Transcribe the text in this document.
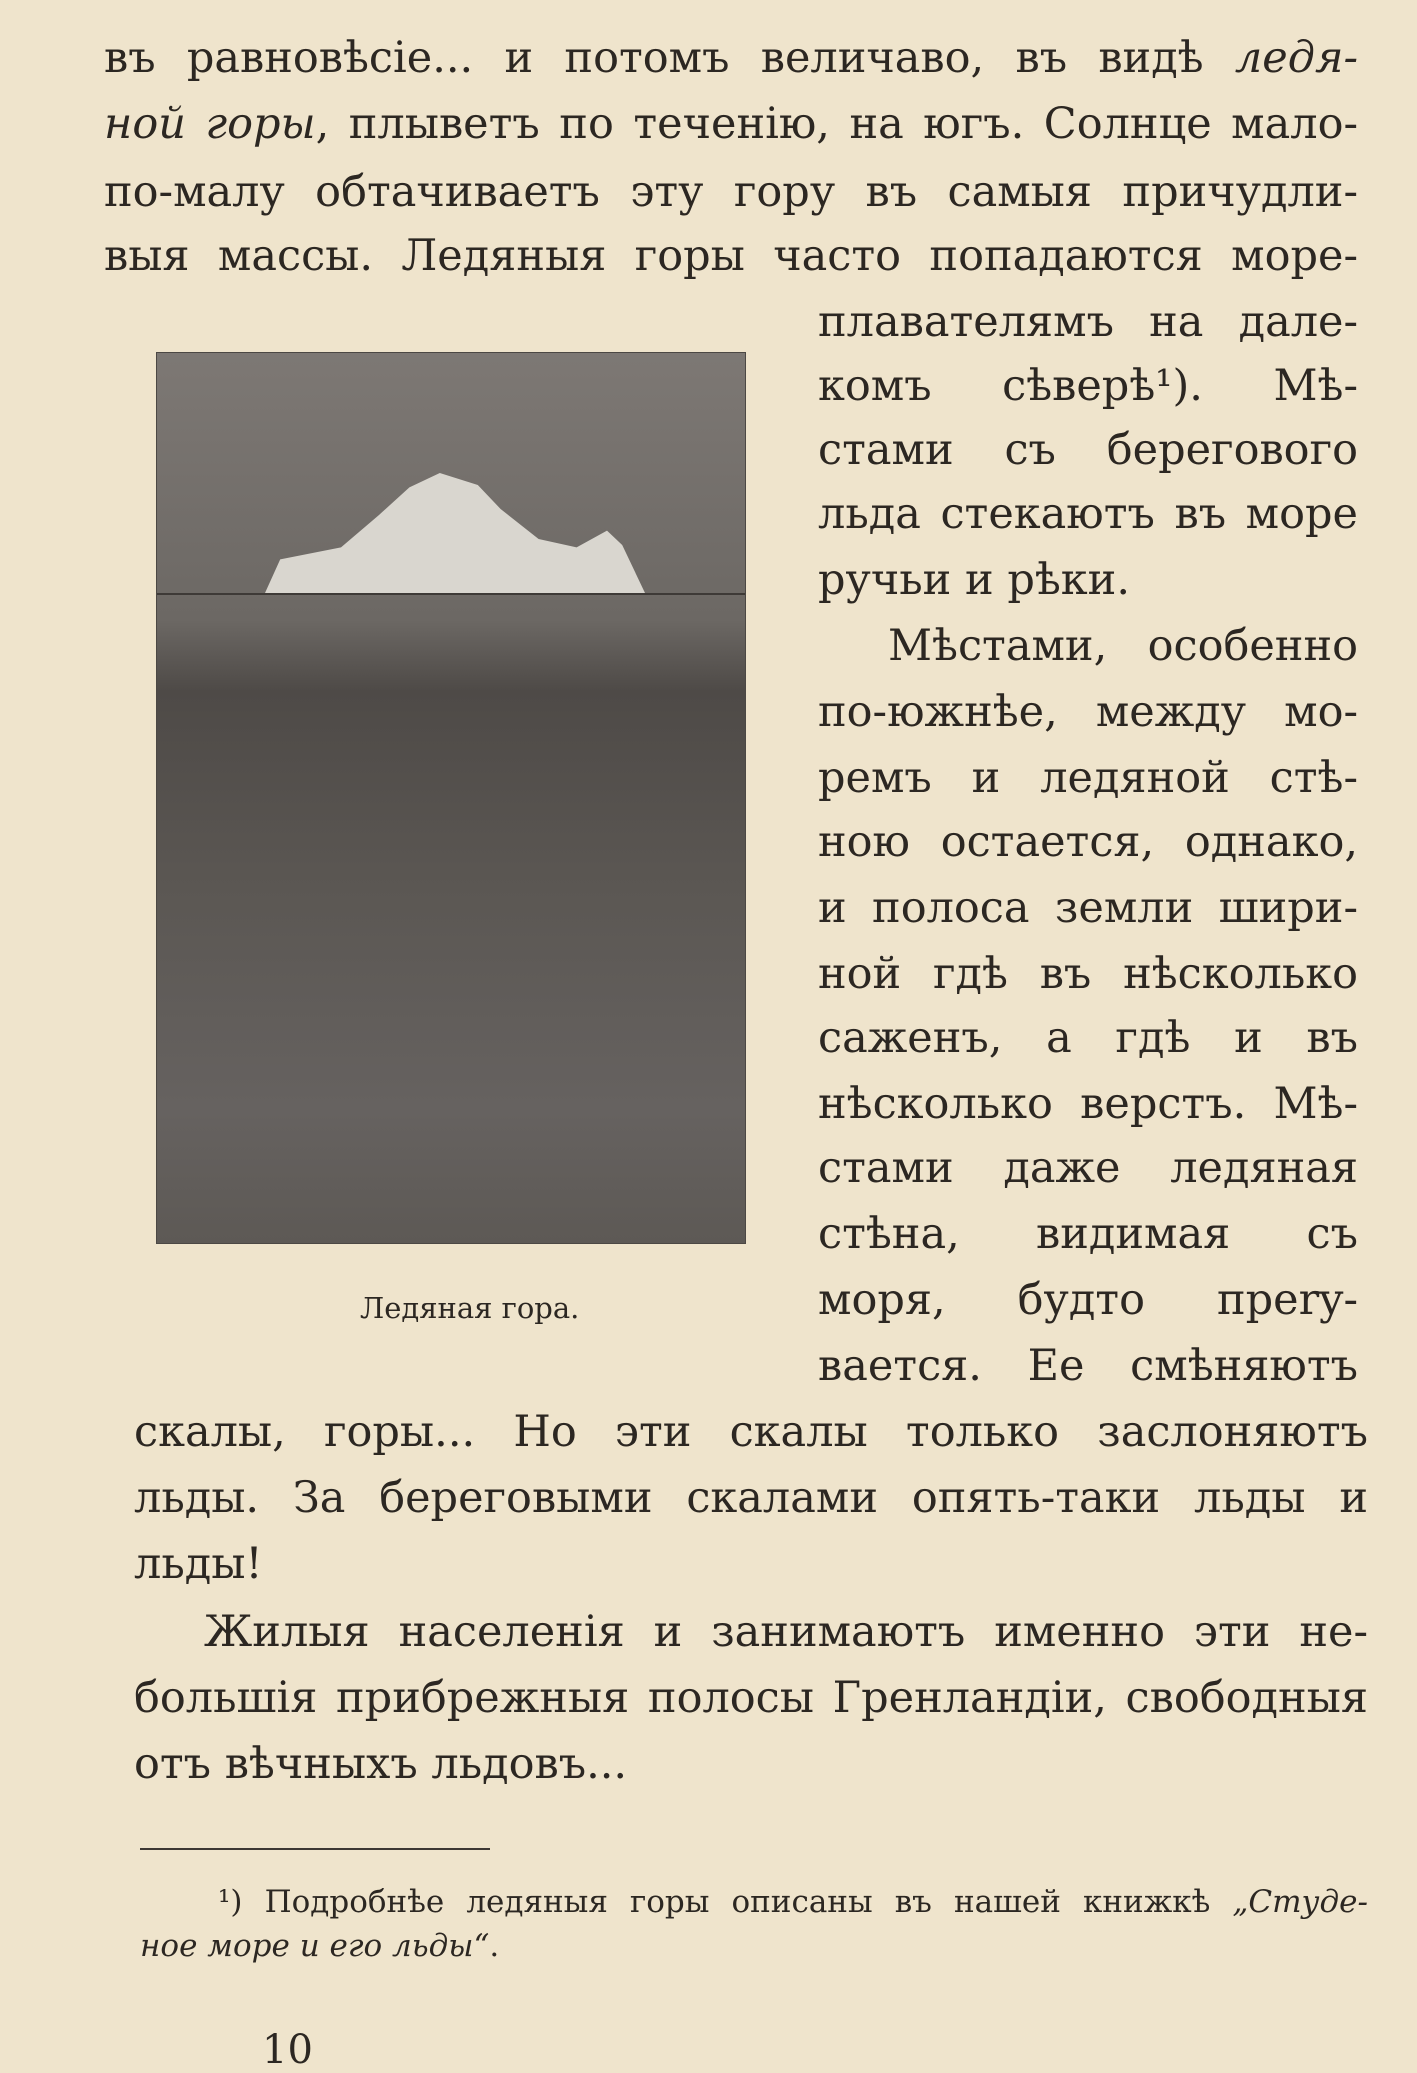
въ равновѣсіе... и потомъ величаво, въ видѣ ледя-
ной горы, плыветъ по теченію, на югъ. Солнце мало-
по-малу обтачиваетъ эту гору въ самыя причудли-
выя массы. Ледяныя горы часто попадаются море-
Ледяная гора.
плавателямъ на дале-
комъ сѣверѣ¹). Мѣ-
стами съ берегового
льда стекаютъ въ море
ручьи и рѣки.
Мѣстами, особенно
по-южнѣе, между мо-
ремъ и ледяной стѣ-
ною остается, однако,
и полоса земли шири-
ной гдѣ въ нѣсколько
саженъ, а гдѣ и въ
нѣсколько верстъ. Мѣ-
стами даже ледяная
стѣна, видимая съ
моря, будто прery-
вается. Ее смѣняютъ
скалы, горы... Но эти скалы только заслоняютъ
льды. За береговыми скалами опять-таки льды и
льды!
Жилыя населенія и занимаютъ именно эти не-
большія прибрежныя полосы Гренландіи, свободныя
отъ вѣчныхъ льдовъ...
¹) Подробнѣе ледяныя горы описаны въ нашей книжкѣ „Студе-
ное море и его льды“.
10
